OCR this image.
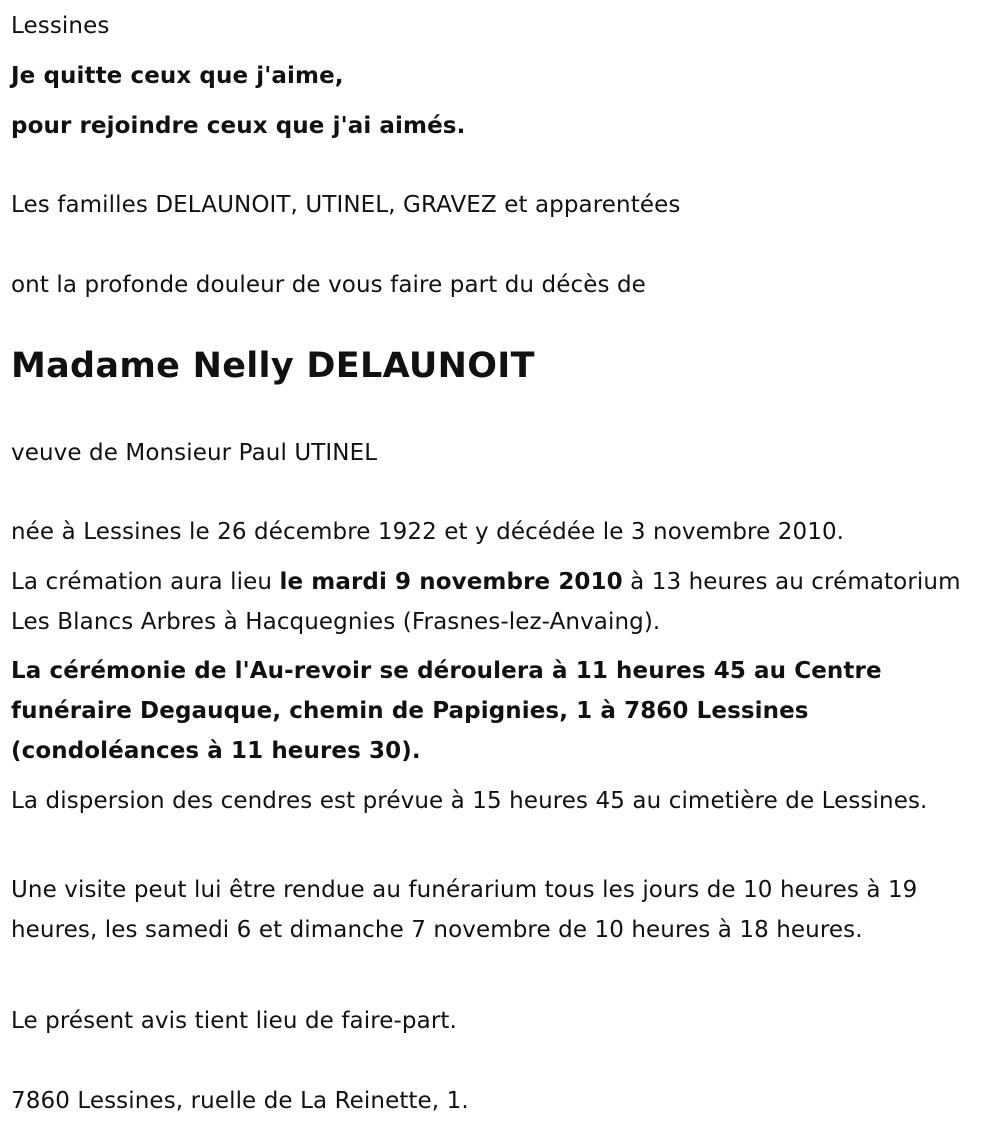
Lessines
Je quitte ceux que j'aime,
pour rejoindre ceux que j'ai aimés.
Les familles DELAUNOIT, UTINEL, GRAVEZ et apparentées
ont la profonde douleur de vous faire part du décès de
Madame Nelly DELAUNOIT
veuve de Monsieur Paul UTINEL
née à Lessines le 26 décembre 1922 et y décédée le 3 novembre 2010.
La crémation aura lieu le mardi 9 novembre 2010 à 13 heures au crématorium Les Blancs Arbres à Hacquegnies (Frasnes-lez-Anvaing).
La cérémonie de l'Au-revoir se déroulera à 11 heures 45 au Centre
funéraire Degauque, chemin de Papignies, 1 à 7860 Lessines
(condoléances à 11 heures 30).
La dispersion des cendres est prévue à 15 heures 45 au cimetière de Lessines.
Une visite peut lui être rendue au funérarium tous les jours de 10 heures à 19 heures, les samedi 6 et dimanche 7 novembre de 10 heures à 18 heures.
Le présent avis tient lieu de faire-part.
7860 Lessines, ruelle de La Reinette, 1.
